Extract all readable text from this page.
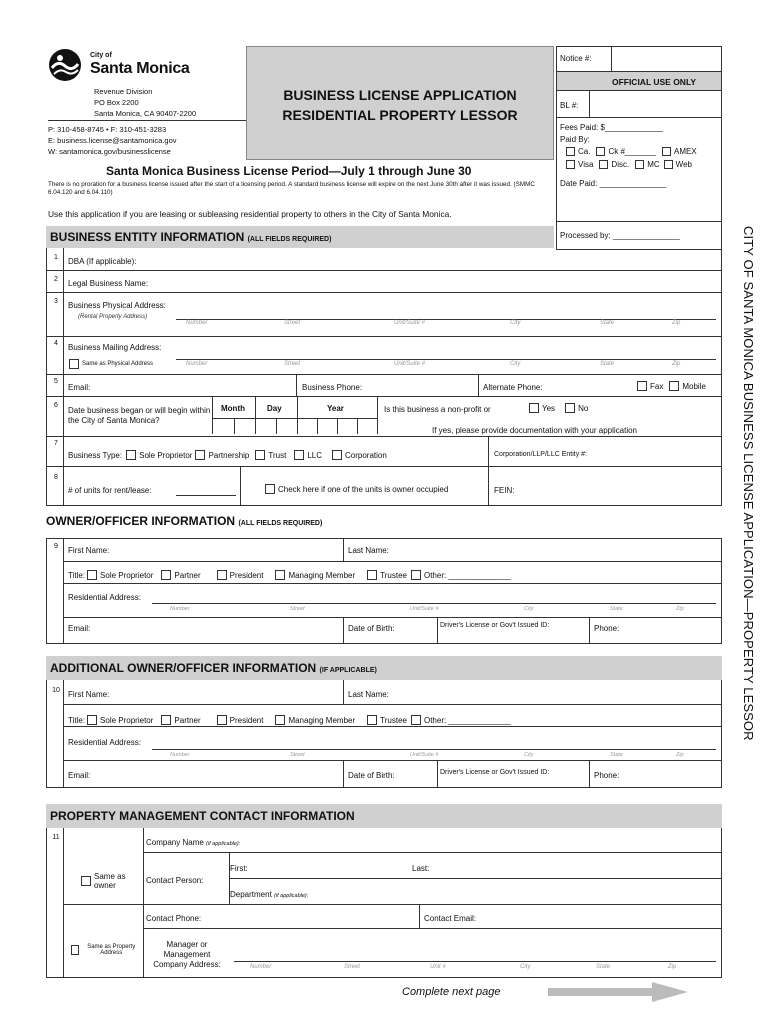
City of
Santa Monica
Revenue Division
PO Box 2200
Santa Monica, CA 90407-2200
P: 310-458-8745 • F: 310-451-3283
E: business.license@santamonica.gov
W: santamonica.gov/businesslicense
BUSINESS LICENSE APPLICATION
RESIDENTIAL PROPERTY LESSOR
Santa Monica Business License Period—July 1 through June 30
There is no proration for a business license issued after the start of a licensing period. A standard business license will expire on the next June 30th after it was issued. (SMMC 6.04.120 and 6.04.110)
Use this application if you are leasing or subleasing residential property to others in the City of Santa Monica.
Notice #:
OFFICIAL USE ONLY
BL #:
Fees Paid: $_____________
Paid By:
Ca. Ck #_______ AMEX
Visa Disc. MC Web
Date Paid: _______________
Processed by: _______________
BUSINESS ENTITY INFORMATION (ALL FIELDS REQUIRED)
1	DBA (If applicable):
2	Legal Business Name:
3	Business Physical Address:
(Rental Property Address)
Number	Street	Unit/Suite #	City	State	Zip
4	Business Mailing Address:
Same as Physical Address	Number	Street	Unit/Suite #	City	State	Zip
5
Email:	Business Phone:	Alternate Phone:	Fax Mobile
6
Date business began or will begin within the City of Santa Monica?
Month	Day	Year	Is this business a non-profit or	Yes	No
If yes, please provide documentation with your application
7
Business Type: Sole Proprietor Partnership Trust	LLC	Corporation	Corporation/LLP/LLC Entity #:
8
# of units for rent/lease:	Check here if one of the units is owner occupied	FEIN:
OWNER/OFFICER INFORMATION (ALL FIELDS REQUIRED)
9	First Name:	Last Name:
Title: Sole Proprietor	Partner	President	Managing Member	Trustee Other: ______________
Residential Address:
Number	Street	Unit/Suite #	City	State	Zip
Email:	Date of Birth:	Driver's License or Gov't Issued ID:	Phone:
ADDITIONAL OWNER/OFFICER INFORMATION (IF APPLICABLE)
10	First Name:	Last Name:
Title: Sole Proprietor	Partner	President	Managing Member	Trustee Other: ______________
Residential Address:
Number	Street	Unit/Suite #	City	State	Zip
Email:	Date of Birth:	Driver's License or Gov't Issued ID:	Phone:
PROPERTY MANAGEMENT CONTACT INFORMATION
11
Company Name (if applicable):
Same as owner
Contact Person:
First:	Last:
Department (if applicable):
Contact Phone:	Contact Email:
Same as Property Address
Manager or Management Company Address:	Number	Street	Unit #	City	State	Zip
Complete next page
CITY OF SANTA MONICA BUSINESS LICENSE APPLICATION—PROPERTY LESSOR
